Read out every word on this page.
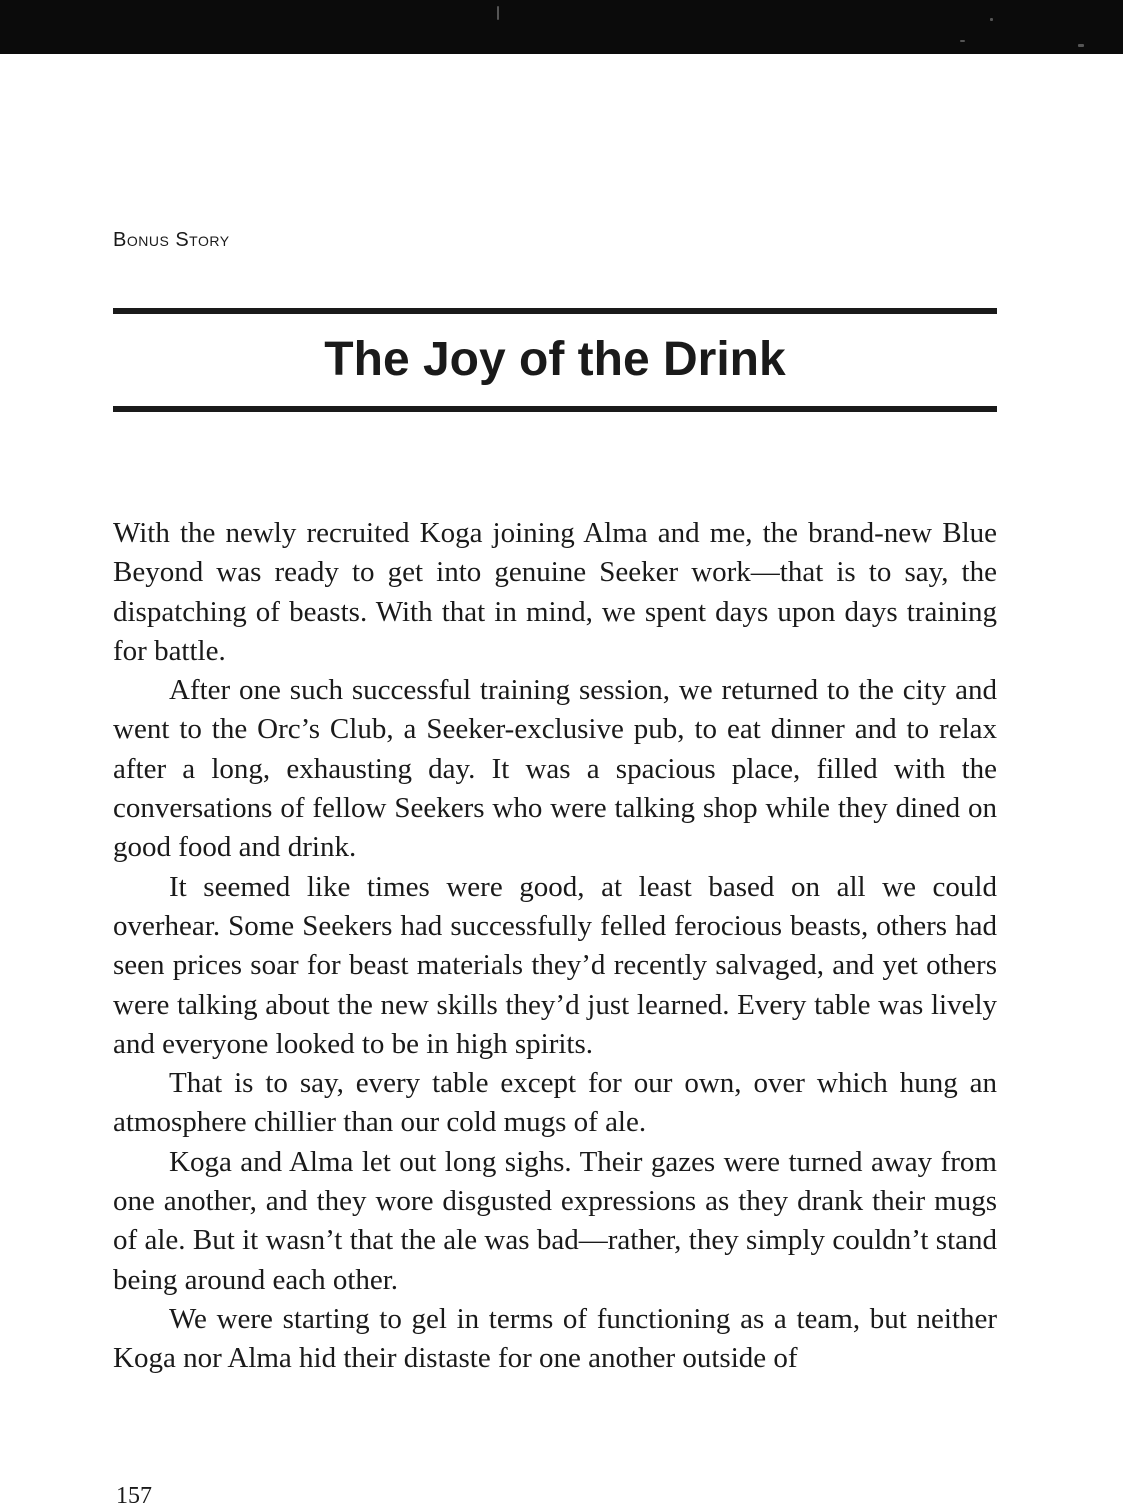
Bonus Story
The Joy of the Drink

With the newly recruited Koga joining Alma and me, the brand-new Blue Beyond was ready to get into genuine Seeker work—that is to say, the dispatching of beasts. With that in mind, we spent days upon days training for battle.

After one such successful training session, we returned to the city and went to the Orc’s Club, a Seeker-exclusive pub, to eat dinner and to relax after a long, exhausting day. It was a spacious place, filled with the conversations of fellow Seekers who were talking shop while they dined on good food and drink.

It seemed like times were good, at least based on all we could overhear. Some Seekers had successfully felled ferocious beasts, others had seen prices soar for beast materials they’d recently salvaged, and yet others were talking about the new skills they’d just learned. Every table was lively and everyone looked to be in high spirits.

That is to say, every table except for our own, over which hung an atmosphere chillier than our cold mugs of ale.

Koga and Alma let out long sighs. Their gazes were turned away from one another, and they wore disgusted expressions as they drank their mugs of ale. But it wasn’t that the ale was bad—rather, they simply couldn’t stand being around each other.

We were starting to gel in terms of functioning as a team, but neither Koga nor Alma hid their distaste for one another outside of

157
